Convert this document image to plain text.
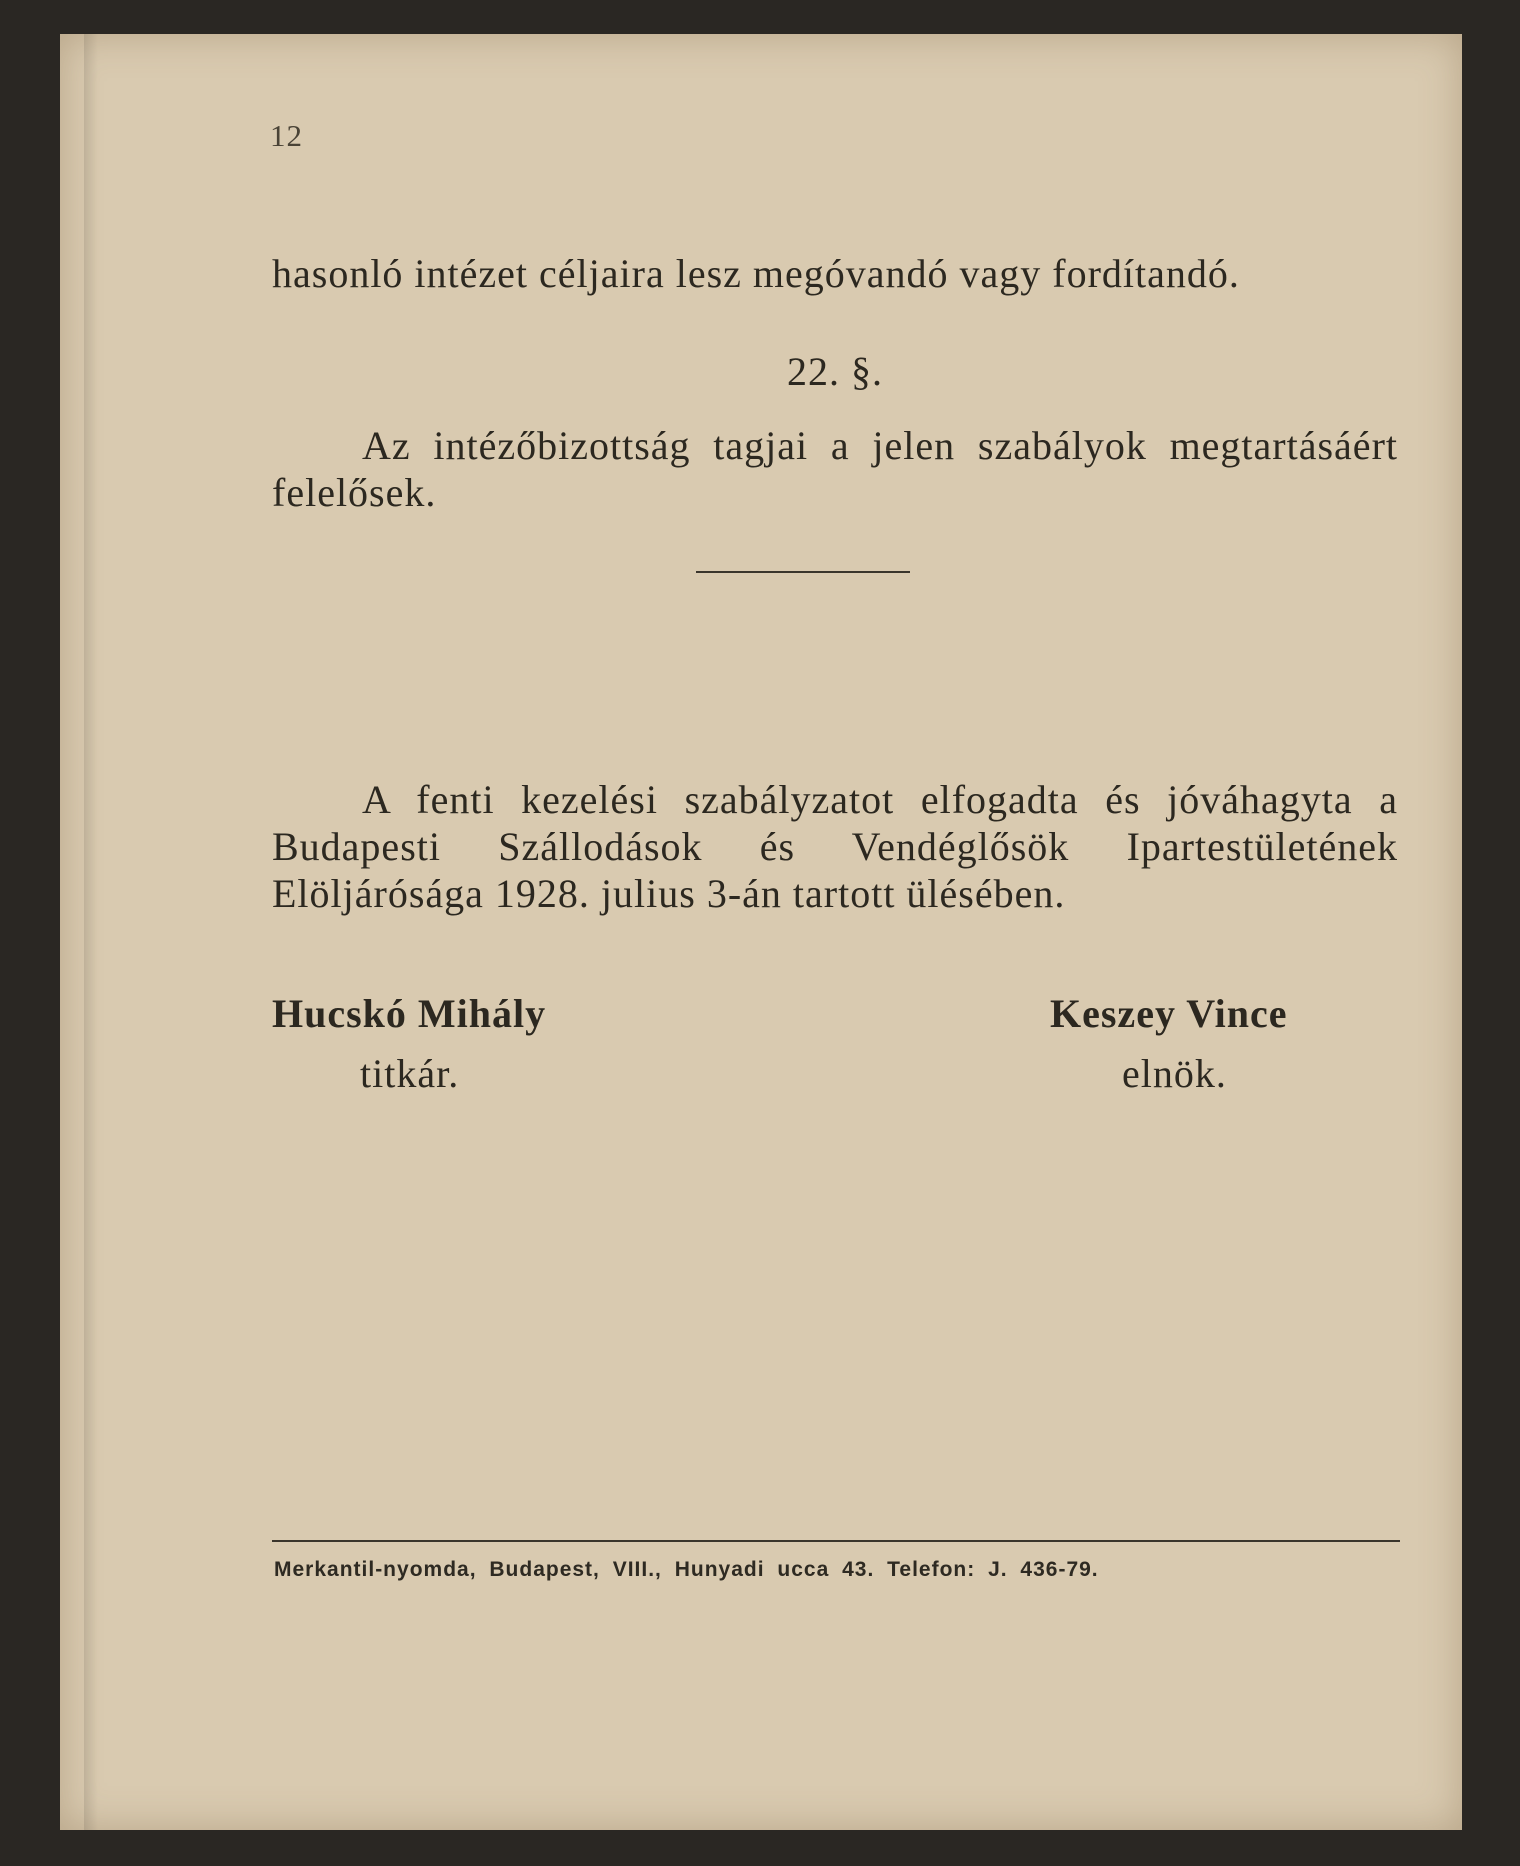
12

hasonló intézet céljaira lesz megóvandó vagy fordítandó.

22. §.

Az intézőbizottság tagjai a jelen szabályok megtartásáért felelősek.

A fenti kezelési szabályzatot elfogadta és jóváhagyta a Budapesti Szállodások és Vendéglősök Ipartestületének Elöljárósága 1928. julius 3-án tartott ülésében.

Hucskó Mihály
titkár.
Keszey Vince
elnök.
Merkantil-nyomda, Budapest, VIII., Hunyadi ucca 43. Telefon: J. 436-79.
